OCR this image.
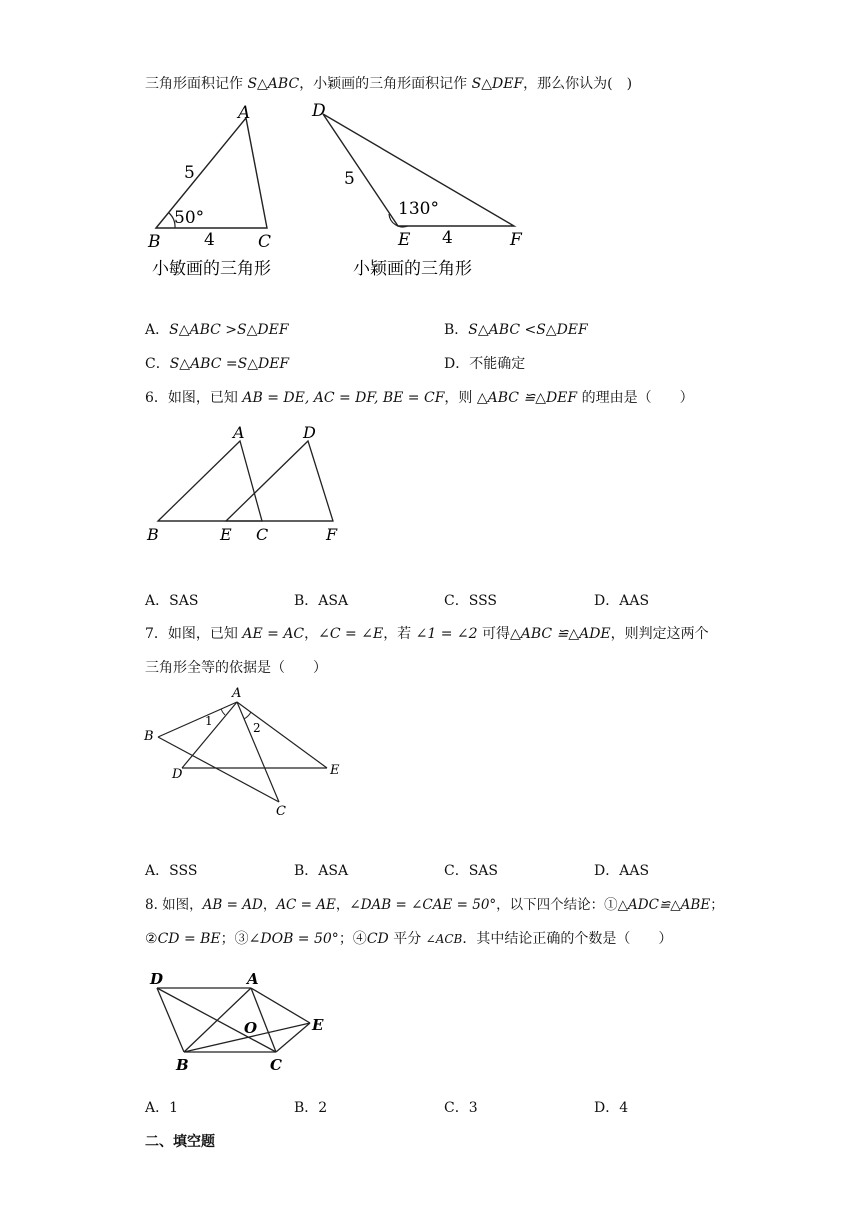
三角形面积记作 S△ABC，小颖画的三角形面积记作 S△DEF，那么你认为(　)
A
B	C
5
4
50°
小敏画的三角形
D
E	F
5
4
130°
小颖画的三角形
A．S△ABC >S△DEF	B．S△ABC <S△DEF
C．S△ABC =S△DEF	D．不能确定
6．如图，已知 AB = DE, AC = DF, BE = CF，则 △ABC ≌△DEF 的理由是（　　）
A	D
B	E C	F
A．SAS	B．ASA	C．SSS	D．AAS
7．如图，已知 AE = AC，∠C = ∠E，若 ∠1 = ∠2 可得△ABC ≌△ADE，则判定这两个
三角形全等的依据是（　　）
A
B
C
D	E
1	2
A．SSS	B．ASA	C．SAS	D．AAS
8. 如图，AB = AD，AC = AE，∠DAB = ∠CAE = 50°，以下四个结论：①△ADC≌△ABE；
②CD = BE；③∠DOB = 50°；④CD 平分 ∠ACB．其中结论正确的个数是（　　）
D	A
O	E
B	C
A．1	B．2	C．3	D．4
二、填空题
